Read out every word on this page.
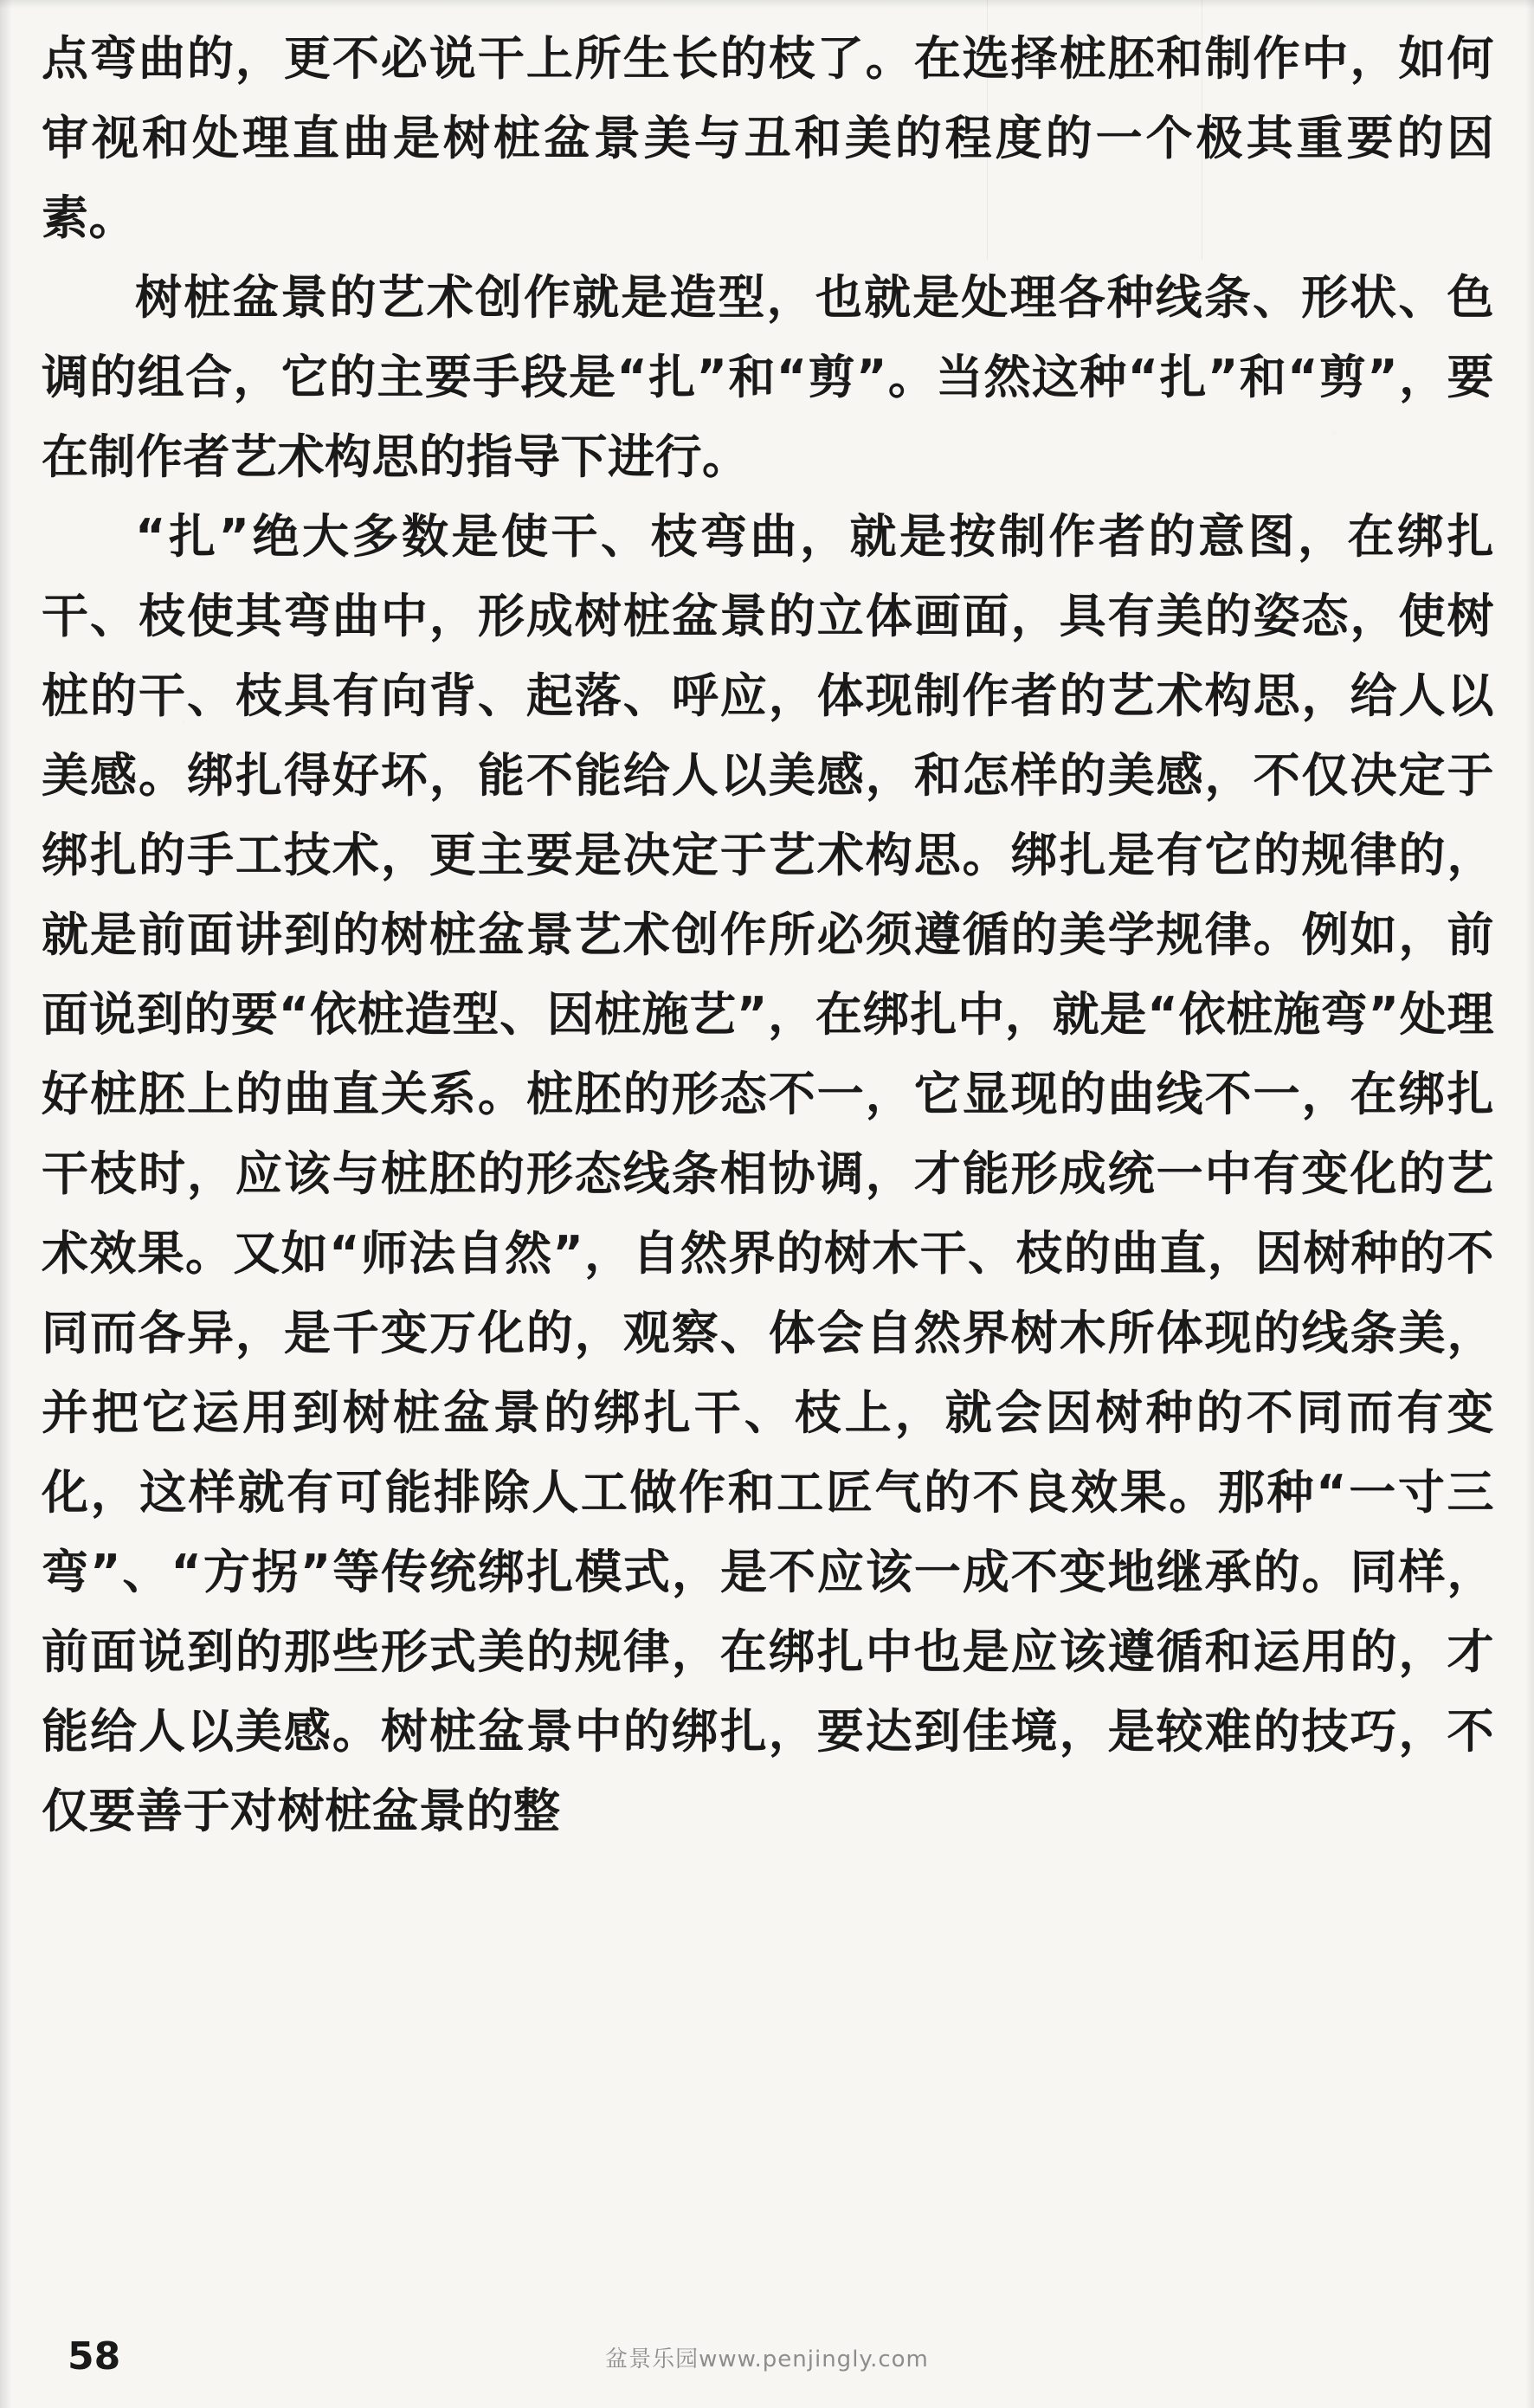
点弯曲的，更不必说干上所生长的枝了。在选择桩胚和制作中，如何审视和处理直曲是树桩盆景美与丑和美的程度的一个极其重要的因素。

树桩盆景的艺术创作就是造型，也就是处理各种线条、形状、色调的组合，它的主要手段是“扎”和“剪”。当然这种“扎”和“剪”，要在制作者艺术构思的指导下进行。

“扎”绝大多数是使干、枝弯曲，就是按制作者的意图，在绑扎干、枝使其弯曲中，形成树桩盆景的立体画面，具有美的姿态，使树桩的干、枝具有向背、起落、呼应，体现制作者的艺术构思，给人以美感。绑扎得好坏，能不能给人以美感，和怎样的美感，不仅决定于绑扎的手工技术，更主要是决定于艺术构思。绑扎是有它的规律的，就是前面讲到的树桩盆景艺术创作所必须遵循的美学规律。例如，前面说到的要“依桩造型、因桩施艺”，在绑扎中，就是“依桩施弯”处理好桩胚上的曲直关系。桩胚的形态不一，它显现的曲线不一，在绑扎干枝时，应该与桩胚的形态线条相协调，才能形成统一中有变化的艺术效果。又如“师法自然”，自然界的树木干、枝的曲直，因树种的不同而各异，是千变万化的，观察、体会自然界树木所体现的线条美，并把它运用到树桩盆景的绑扎干、枝上，就会因树种的不同而有变化，这样就有可能排除人工做作和工匠气的不良效果。那种“一寸三弯”、“方拐”等传统绑扎模式，是不应该一成不变地继承的。同样，前面说到的那些形式美的规律，在绑扎中也是应该遵循和运用的，才能给人以美感。树桩盆景中的绑扎，要达到佳境，是较难的技巧，不仅要善于对树桩盆景的整

58	盆景乐园www.penjingly.com
